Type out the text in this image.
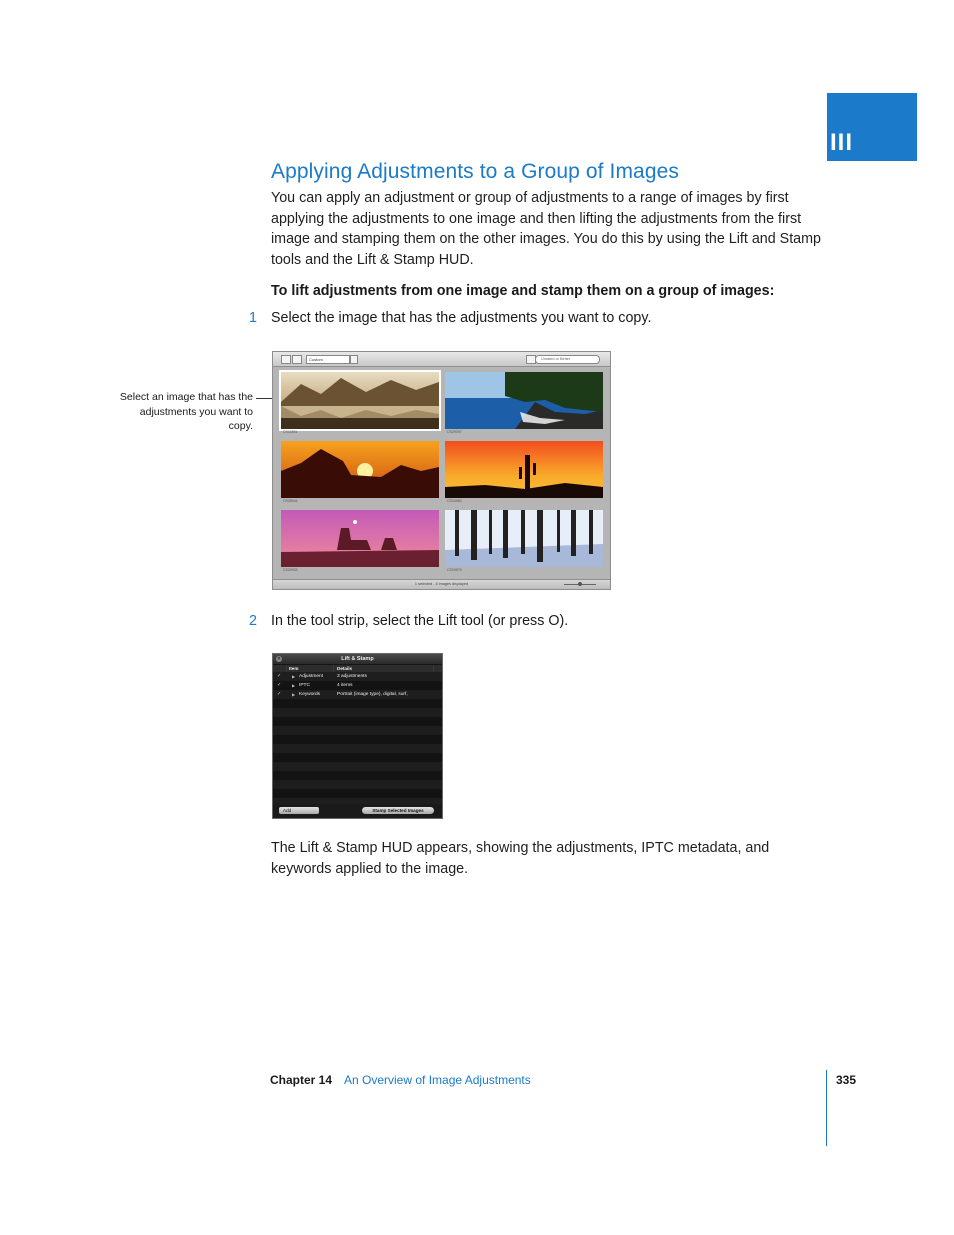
III
Applying Adjustments to a Group of Images

You can apply an adjustment or group of adjustments to a range of images by first applying the adjustments to one image and then lifting the adjustments from the first image and stamping them on the other images. You do this by using the Lift and Stamp tools and the Lift & Stamp HUD.

To lift adjustments from one image and stamp them on a group of images:

1 Select the image that has the adjustments you want to copy.
Select an image that has the adjustments you want to copy.
Custom	Unrated or Better
CS11851	CS29097
CS28944	CS24980
CS29933	CS29979
1 selected - 6 images displayed
2 In the tool strip, select the Lift tool (or press O).
×	Lift & Stamp
Item	Details
✓	▶ Adjustment	3 adjustments
✓	▶ IPTC	4 items
✓	▶ Keywords	Portrait (image type), digital, surf,
Add	Stamp Selected Images

The Lift & Stamp HUD appears, showing the adjustments, IPTC metadata, and keywords applied to the image.

Chapter 14 An Overview of Image Adjustments	335
